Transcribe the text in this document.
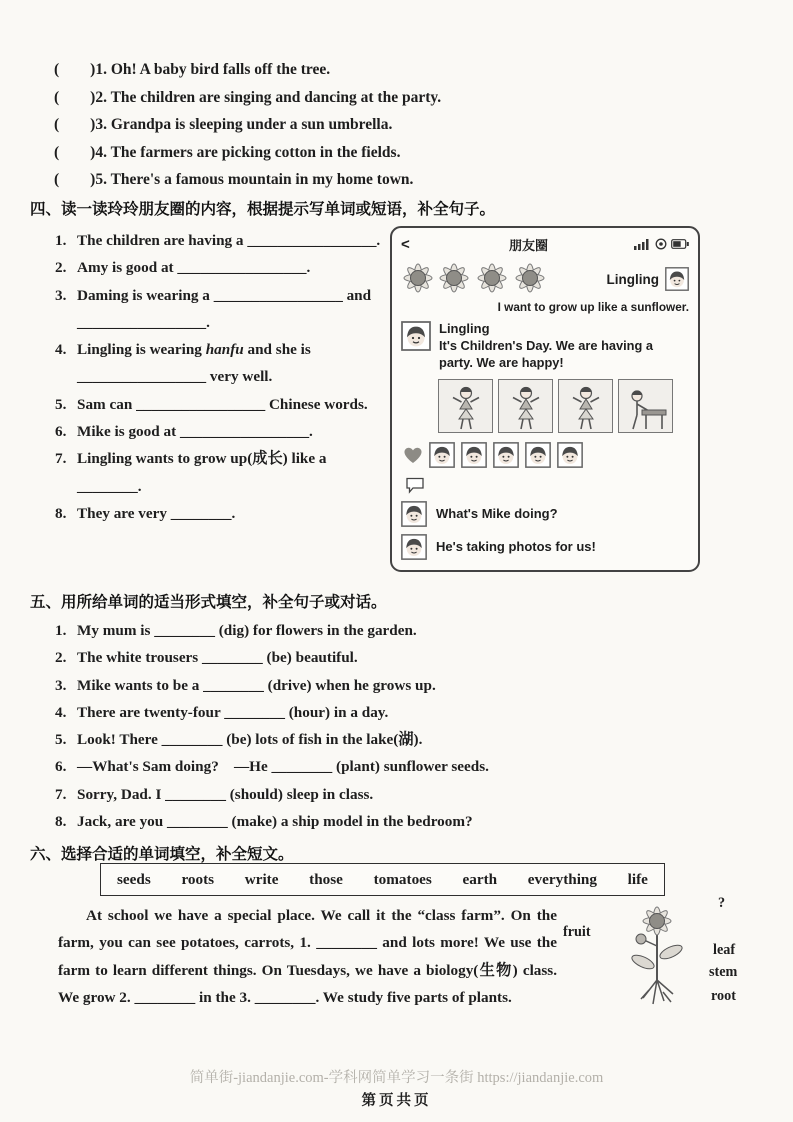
(        )1. Oh! A baby bird falls off the tree.
(        )2. The children are singing and dancing at the party.
(        )3. Grandpa is sleeping under a sun umbrella.
(        )4. The farmers are picking cotton in the fields.
(        )5. There's a famous mountain in my home town.
四、读一读玲玲朋友圈的内容，根据提示写单词或短语，补全句子。
1. The children are having a _________________.
2. Amy is good at _________________.
3. Daming is wearing a _________________ and _________________.
4. Lingling is wearing hanfu and she is _________________ very well.
5. Sam can _________________ Chinese words.
6. Mike is good at _________________.
7. Lingling wants to grow up(成长) like a ________.
8. They are very ________.
<	朋友圈
Lingling
I want to grow up like a sunflower.
Lingling
It's Children's Day. We are having a party. We are happy!
What's Mike doing?
He's taking photos for us!
五、用所给单词的适当形式填空，补全句子或对话。
1. My mum is ________ (dig) for flowers in the garden.
2. The white trousers ________ (be) beautiful.
3. Mike wants to be a ________ (drive) when he grows up.
4. There are twenty-four ________ (hour) in a day.
5. Look! There ________ (be) lots of fish in the lake(湖).
6. —What's Sam doing?　—He ________ (plant) sunflower seeds.
7. Sorry, Dad. I ________ (should) sleep in class.
8. Jack, are you ________ (make) a ship model in the bedroom?
六、选择合适的单词填空，补全短文。
seeds roots write those tomatoes earth everything life
?
fruit
leaf
stem
root

At school we have a special place. We call it the “class farm”. On the farm, you can see potatoes, carrots, 1. ________ and lots more! We use the farm to learn different things. On Tuesdays, we have a biology(生物) class. We grow 2. ________ in the 3. ________. We study five parts of plants.

简单街-jiandanjie.com-学科网简单学习一条街 https://jiandanjie.com
第页共页
